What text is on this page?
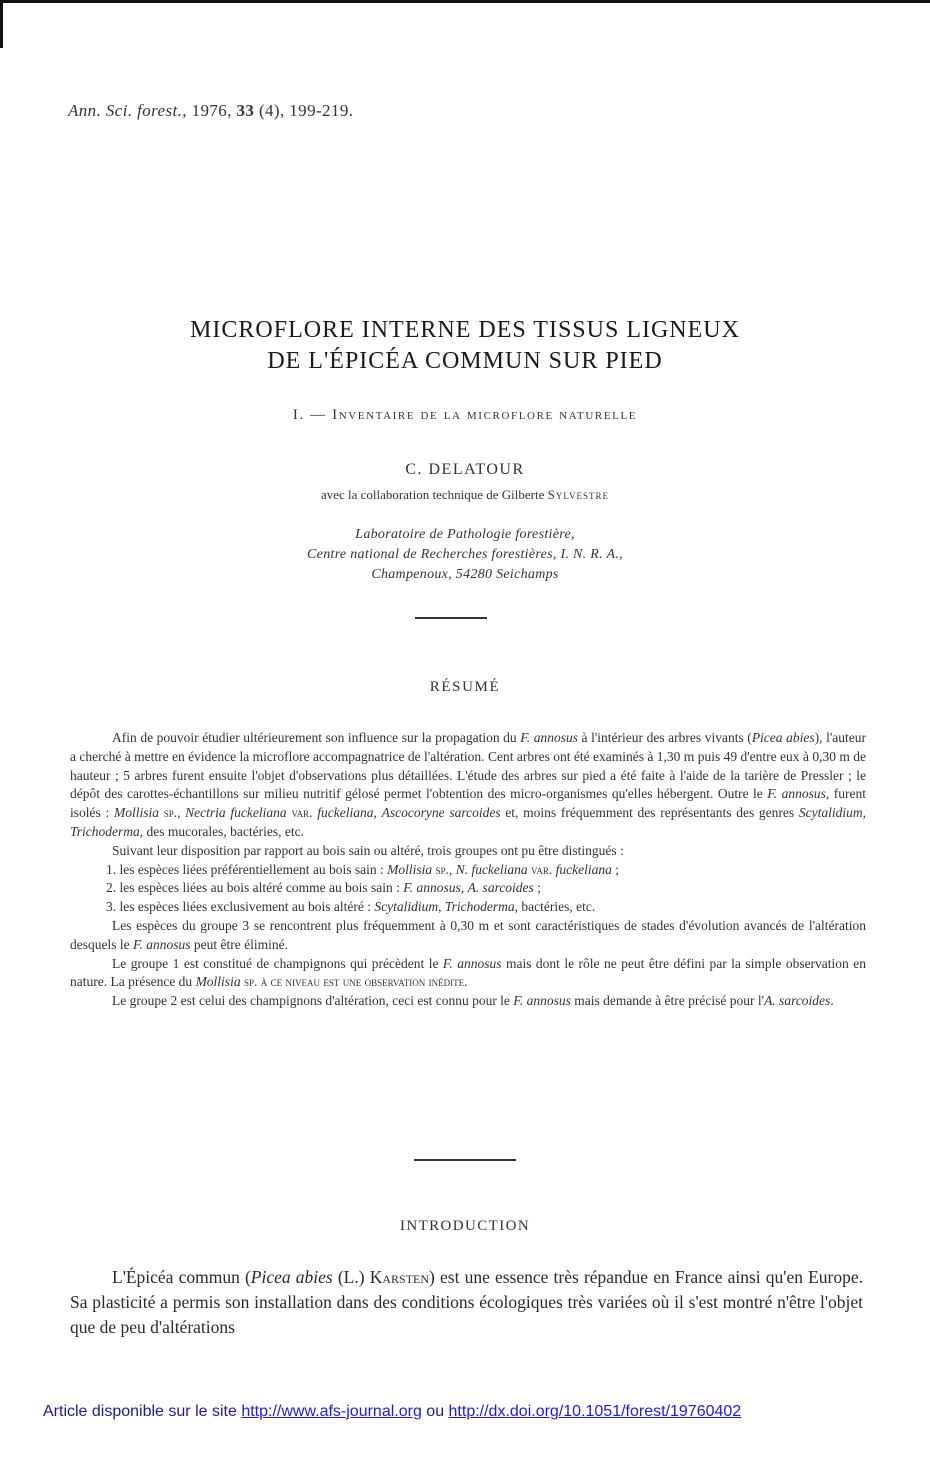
Ann. Sci. forest., 1976, 33 (4), 199-219.
MICROFLORE INTERNE DES TISSUS LIGNEUX
DE L'ÉPICÉA COMMUN SUR PIED
I. — Inventaire de la microflore naturelle
C. DELATOUR
avec la collaboration technique de Gilberte Sylvestre
Laboratoire de Pathologie forestière,
Centre national de Recherches forestières, I. N. R. A.,
Champenoux, 54280 Seichamps
RÉSUMÉ

Afin de pouvoir étudier ultérieurement son influence sur la propagation du F. annosus à l'intérieur des arbres vivants (Picea abies), l'auteur a cherché à mettre en évidence la microflore accompagnatrice de l'altération. Cent arbres ont été examinés à 1,30 m puis 49 d'entre eux à 0,30 m de hauteur ; 5 arbres furent ensuite l'objet d'observations plus détaillées. L'étude des arbres sur pied a été faite à l'aide de la tarière de Pressler ; le dépôt des carottes-échantillons sur milieu nutritif gélosé permet l'obtention des micro-organismes qu'elles hébergent. Outre le F. annosus, furent isolés : Mollisia sp., Nectria fuckeliana var. fuckeliana, Ascocoryne sarcoides et, moins fréquemment des représentants des genres Scytalidium, Trichoderma, des mucorales, bactéries, etc.

Suivant leur disposition par rapport au bois sain ou altéré, trois groupes ont pu être distingués :

1. les espèces liées préférentiellement au bois sain : Mollisia sp., N. fuckeliana var. fuckeliana ;

2. les espèces liées au bois altéré comme au bois sain : F. annosus, A. sarcoides ;

3. les espèces liées exclusivement au bois altéré : Scytalidium, Trichoderma, bactéries, etc.

Les espèces du groupe 3 se rencontrent plus fréquemment à 0,30 m et sont caractéristiques de stades d'évolution avancés de l'altération desquels le F. annosus peut être éliminé.

Le groupe 1 est constitué de champignons qui précèdent le F. annosus mais dont le rôle ne peut être défini par la simple observation en nature. La présence du Mollisia sp. à ce niveau est une observation inédite.

Le groupe 2 est celui des champignons d'altération, ceci est connu pour le F. annosus mais demande à être précisé pour l'A. sarcoides.

INTRODUCTION

L'Épicéa commun (Picea abies (L.) Karsten) est une essence très répandue en France ainsi qu'en Europe. Sa plasticité a permis son installation dans des conditions écologiques très variées où il s'est montré n'être l'objet que de peu d'altérations

Article disponible sur le site http://www.afs-journal.org ou http://dx.doi.org/10.1051/forest/19760402
